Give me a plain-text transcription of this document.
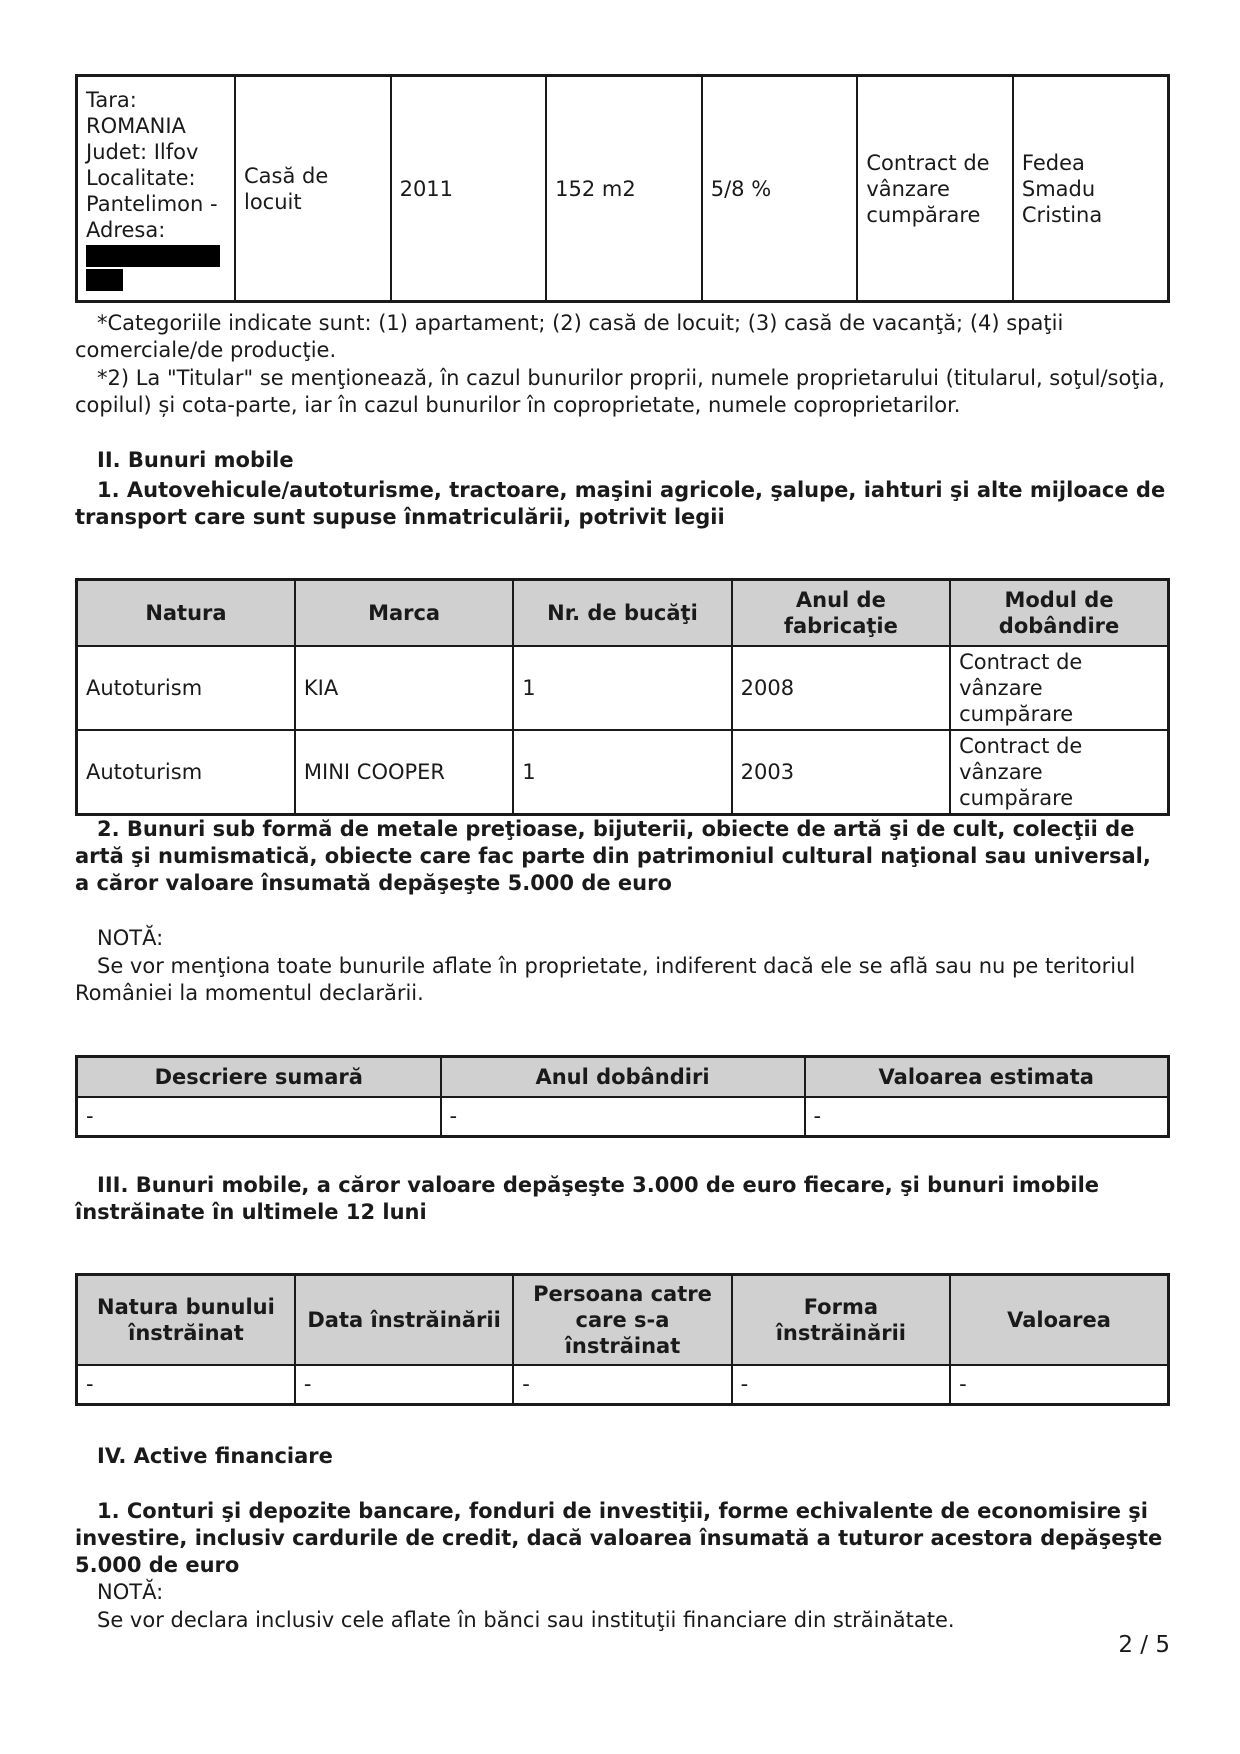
Tara:
ROMANIA
Judet: Ilfov
Localitate:
Pantelimon -
Adresa:
	Casă de locuit	2011	152 m2	5/8 %	Contract de vânzare cumpărare	Fedea Smadu Cristina

*Categoriile indicate sunt: (1) apartament; (2) casă de locuit; (3) casă de vacanţă; (4) spaţii comerciale/de producţie.

*2) La "Titular" se menţionează, în cazul bunurilor proprii, numele proprietarului (titularul, soţul/soţia, copilul) și cota-parte, iar în cazul bunurilor în coproprietate, numele coproprietarilor.

II. Bunuri mobile

1. Autovehicule/autoturisme, tractoare, maşini agricole, şalupe, iahturi şi alte mijloace de transport care sunt supuse înmatriculării, potrivit legii

Natura	Marca	Nr. de bucăţi	Anul de fabricaţie	Modul de dobândire
Autoturism	KIA	1	2008	Contract de vânzare cumpărare
Autoturism	MINI COOPER	1	2003	Contract de vânzare cumpărare

2. Bunuri sub formă de metale preţioase, bijuterii, obiecte de artă şi de cult, colecţii de artă şi numismatică, obiecte care fac parte din patrimoniul cultural naţional sau universal, a căror valoare însumată depăşeşte 5.000 de euro

NOTĂ:

Se vor menţiona toate bunurile aflate în proprietate, indiferent dacă ele se află sau nu pe teritoriul României la momentul declarării.

Descriere sumară	Anul dobândiri	Valoarea estimata
-	-	-

III. Bunuri mobile, a căror valoare depăşeşte 3.000 de euro fiecare, şi bunuri imobile înstrăinate în ultimele 12 luni

Natura bunului înstrăinat	Data înstrăinării	Persoana catre care s-a înstrăinat	Forma înstrăinării	Valoarea
-	-	-	-	-

IV. Active financiare

1. Conturi şi depozite bancare, fonduri de investiţii, forme echivalente de economisire şi investire, inclusiv cardurile de credit, dacă valoarea însumată a tuturor acestora depăşeşte 5.000 de euro

NOTĂ:

Se vor declara inclusiv cele aflate în bănci sau instituţii financiare din străinătate.

2 / 5
